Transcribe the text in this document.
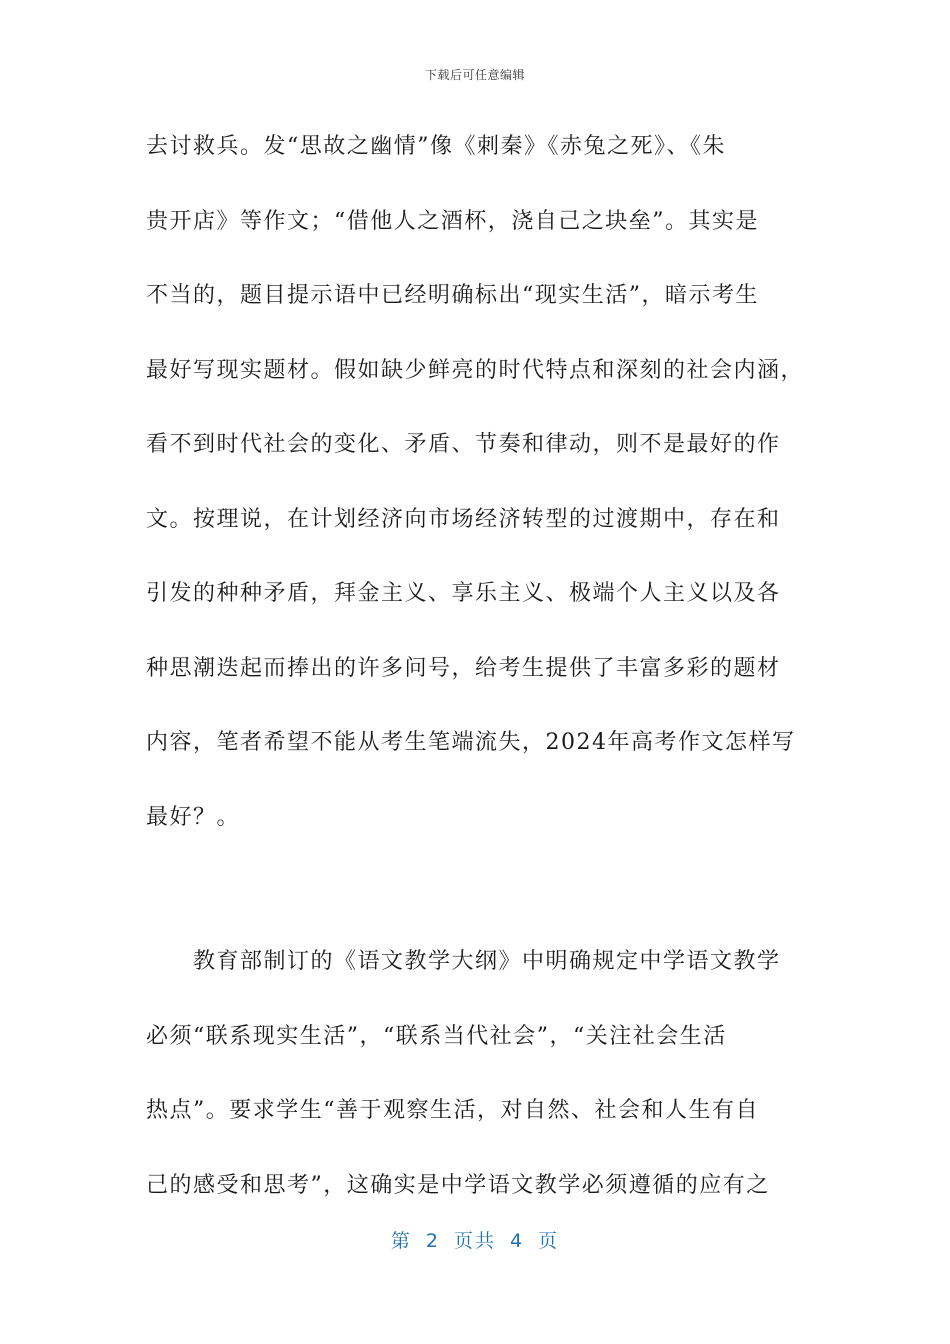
下载后可任意编辑
去讨救兵。发“思故之幽情”像《刺秦》《赤兔之死》、《朱
贵开店》等作文；“借他人之酒杯，浇自己之块垒”。其实是
不当的，题目提示语中已经明确标出“现实生活”，暗示考生
最好写现实题材。假如缺少鲜亮的时代特点和深刻的社会内涵，
看不到时代社会的变化、矛盾、节奏和律动，则不是最好的作
文。按理说，在计划经济向市场经济转型的过渡期中，存在和
引发的种种矛盾，拜金主义、享乐主义、极端个人主义以及各
种思潮迭起而捧出的许多问号，给考生提供了丰富多彩的题材
内容，笔者希望不能从考生笔端流失，2024年高考作文怎样写
最好？。
　　教育部制订的《语文教学大纲》中明确规定中学语文教学
必须“联系现实生活”，“联系当代社会”，“关注社会生活
热点”。要求学生“善于观察生活，对自然、社会和人生有自
己的感受和思考”，这确实是中学语文教学必须遵循的应有之
第 2 页共 4 页
